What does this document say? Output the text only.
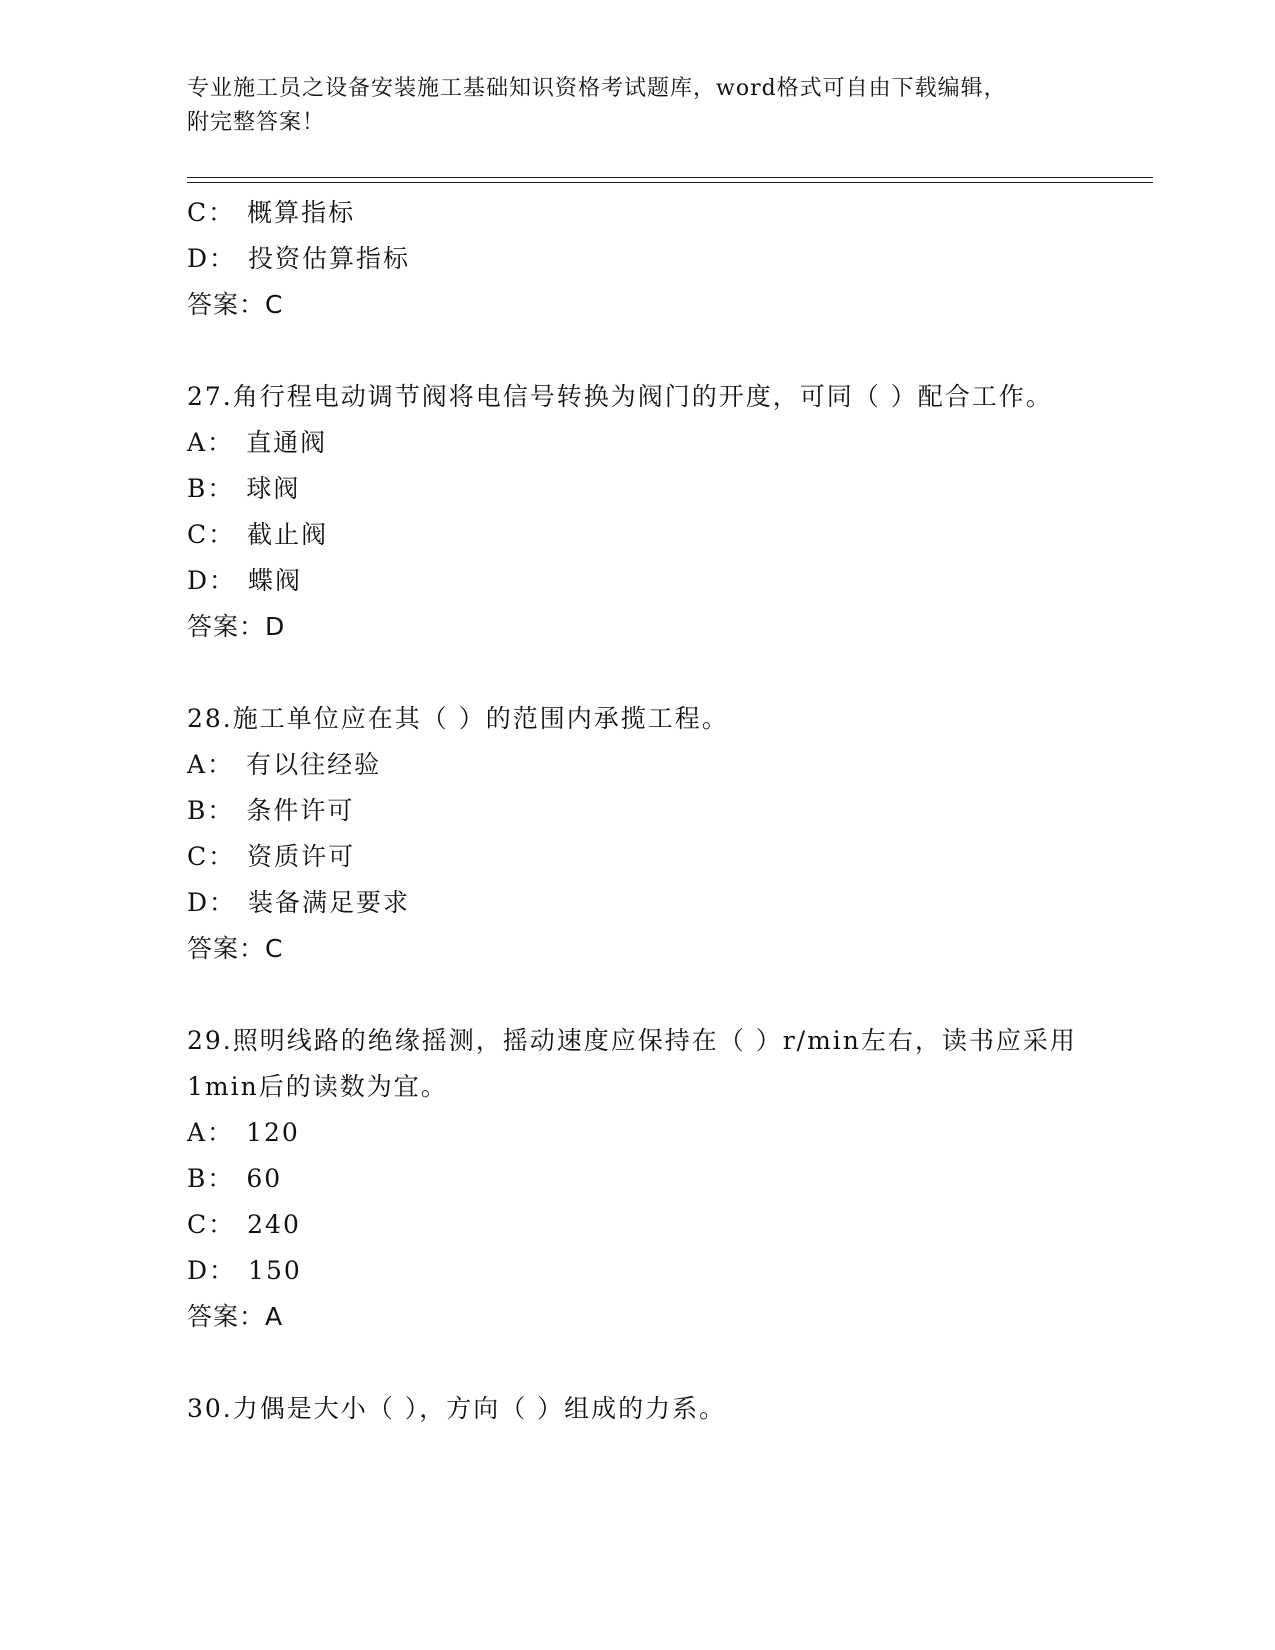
专业施工员之设备安装施工基础知识资格考试题库，word格式可自由下载编辑，
附完整答案！
C： 概算指标
D： 投资估算指标
答案：C
27.角行程电动调节阀将电信号转换为阀门的开度，可同（ ）配合工作。
A： 直通阀
B： 球阀
C： 截止阀
D： 蝶阀
答案：D
28.施工单位应在其（ ）的范围内承揽工程。
A： 有以往经验
B： 条件许可
C： 资质许可
D： 装备满足要求
答案：C
29.照明线路的绝缘摇测，摇动速度应保持在（ ）r/min左右，读书应采用1min后的读数为宜。
A： 120
B： 60
C： 240
D： 150
答案：A
30.力偶是大小（ ），方向（ ）组成的力系。
